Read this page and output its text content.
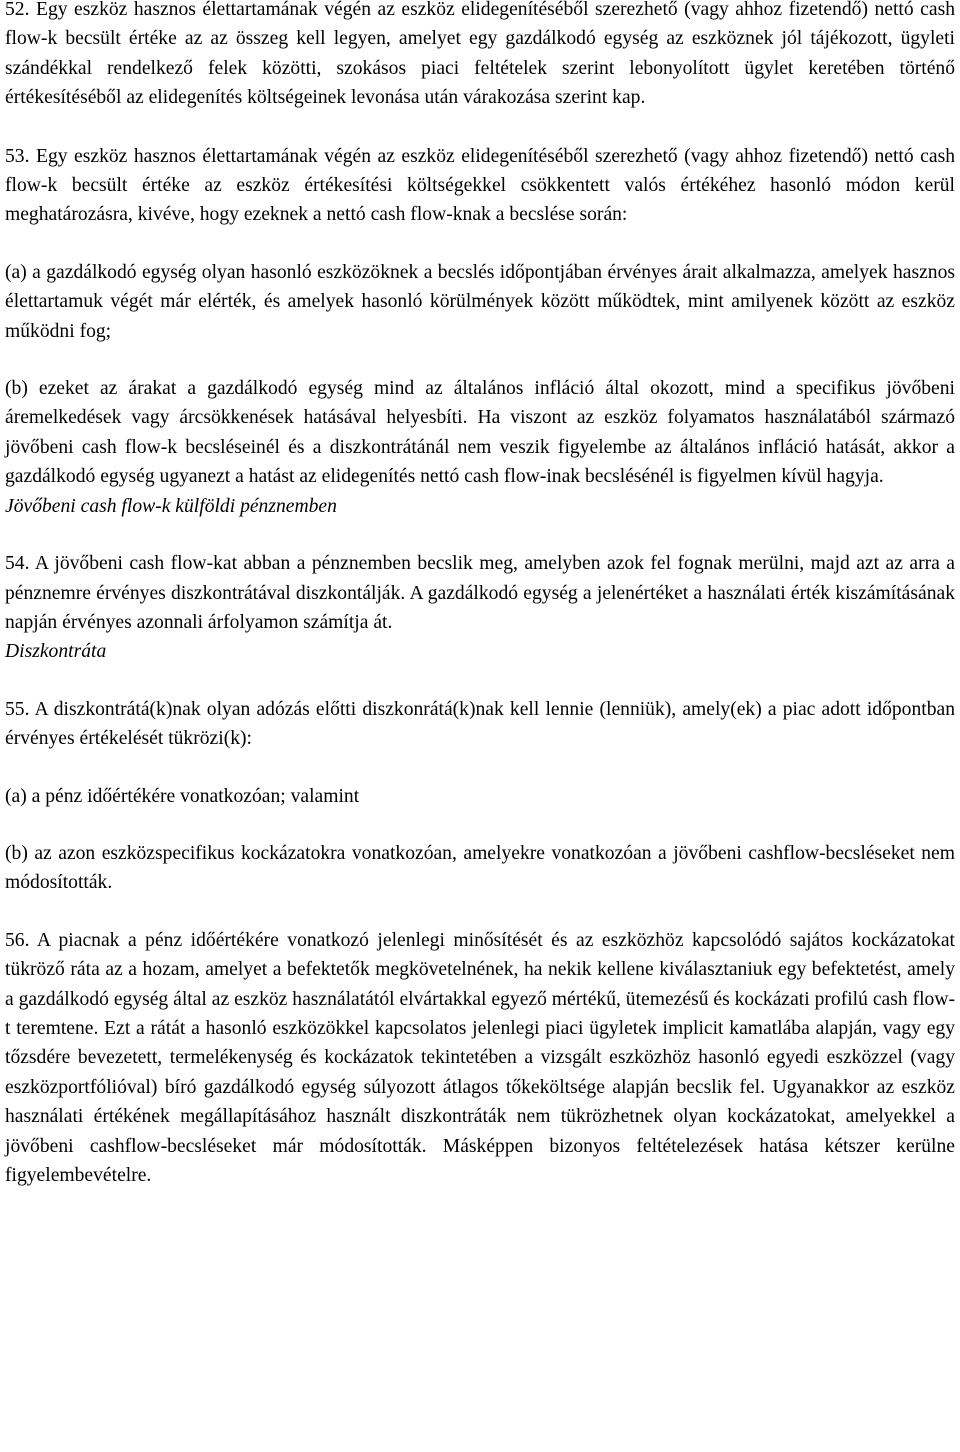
52. Egy eszköz hasznos élettartamának végén az eszköz elidegenítéséből szerezhető (vagy ahhoz fizetendő) nettó cash flow-k becsült értéke az az összeg kell legyen, amelyet egy gazdálkodó egység az eszköznek jól tájékozott, ügyleti szándékkal rendelkező felek közötti, szokásos piaci feltételek szerint lebonyolított ügylet keretében történő értékesítéséből az elidegenítés költségeinek levonása után várakozása szerint kap.

53. Egy eszköz hasznos élettartamának végén az eszköz elidegenítéséből szerezhető (vagy ahhoz fizetendő) nettó cash flow-k becsült értéke az eszköz értékesítési költségekkel csökkentett valós értékéhez hasonló módon kerül meghatározásra, kivéve, hogy ezeknek a nettó cash flow-knak a becslése során:

(a) a gazdálkodó egység olyan hasonló eszközöknek a becslés időpontjában érvényes árait alkalmazza, amelyek hasznos élettartamuk végét már elérték, és amelyek hasonló körülmények között működtek, mint amilyenek között az eszköz működni fog;

(b) ezeket az árakat a gazdálkodó egység mind az általános infláció által okozott, mind a specifikus jövőbeni áremelkedések vagy árcsökkenések hatásával helyesbíti. Ha viszont az eszköz folyamatos használatából származó jövőbeni cash flow-k becsléseinél és a diszkontrátánál nem veszik figyelembe az általános infláció hatását, akkor a gazdálkodó egység ugyanezt a hatást az elidegenítés nettó cash flow-inak becslésénél is figyelmen kívül hagyja.

Jövőbeni cash flow-k külföldi pénznemben

54. A jövőbeni cash flow-kat abban a pénznemben becslik meg, amelyben azok fel fognak merülni, majd azt az arra a pénznemre érvényes diszkontrátával diszkontálják. A gazdálkodó egység a jelenértéket a használati érték kiszámításának napján érvényes azonnali árfolyamon számítja át.

Diszkontráta

55. A diszkontrátá(k)nak olyan adózás előtti diszkonrátá(k)nak kell lennie (lenniük), amely(ek) a piac adott időpontban érvényes értékelését tükrözi(k):

(a) a pénz időértékére vonatkozóan; valamint

(b) az azon eszközspecifikus kockázatokra vonatkozóan, amelyekre vonatkozóan a jövőbeni cashflow-becsléseket nem módosították.

56. A piacnak a pénz időértékére vonatkozó jelenlegi minősítését és az eszközhöz kapcsolódó sajátos kockázatokat tükröző ráta az a hozam, amelyet a befektetők megkövetelnének, ha nekik kellene kiválasztaniuk egy befektetést, amely a gazdálkodó egység által az eszköz használatától elvártakkal egyező mértékű, ütemezésű és kockázati profilú cash flow-t teremtene. Ezt a rátát a hasonló eszközökkel kapcsolatos jelenlegi piaci ügyletek implicit kamatlába alapján, vagy egy tőzsdére bevezetett, termelékenység és kockázatok tekintetében a vizsgált eszközhöz hasonló egyedi eszközzel (vagy eszközportfólióval) bíró gazdálkodó egység súlyozott átlagos tőkeköltsége alapján becslik fel. Ugyanakkor az eszköz használati értékének megállapításához használt diszkontráták nem tükrözhetnek olyan kockázatokat, amelyekkel a jövőbeni cashflow-becsléseket már módosították. Másképpen bizonyos feltételezések hatása kétszer kerülne figyelembevételre.
